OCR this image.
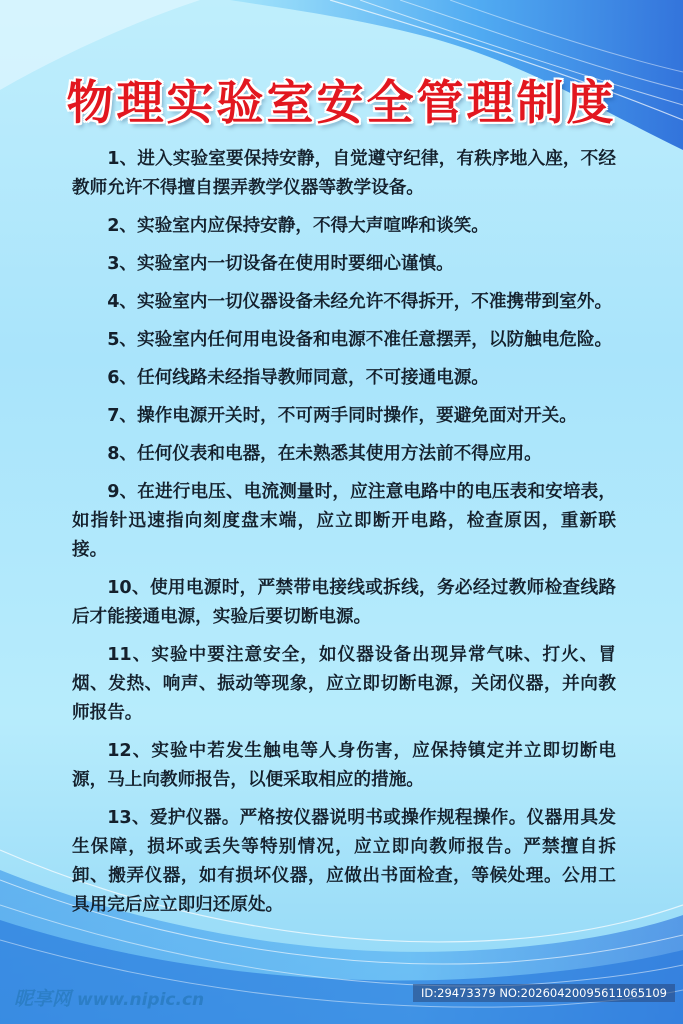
物理实验室安全管理制度

1、进入实验室要保持安静，自觉遵守纪律，有秩序地入座，不经教师允许不得擅自摆弄教学仪器等教学设备。

2、实验室内应保持安静，不得大声喧哗和谈笑。

3、实验室内一切设备在使用时要细心谨慎。

4、实验室内一切仪器设备未经允许不得拆开，不准携带到室外。

5、实验室内任何用电设备和电源不准任意摆弄，以防触电危险。

6、任何线路未经指导教师同意，不可接通电源。

7、操作电源开关时，不可两手同时操作，要避免面对开关。

8、任何仪表和电器，在未熟悉其使用方法前不得应用。

9、在进行电压、电流测量时，应注意电路中的电压表和安培表，如指针迅速指向刻度盘末端，应立即断开电路，检查原因，重新联接。

10、使用电源时，严禁带电接线或拆线，务必经过教师检查线路后才能接通电源，实验后要切断电源。

11、实验中要注意安全，如仪器设备出现异常气味、打火、冒烟、发热、响声、振动等现象，应立即切断电源，关闭仪器，并向教师报告。

12、实验中若发生触电等人身伤害，应保持镇定并立即切断电源，马上向教师报告，以便采取相应的措施。

13、爱护仪器。严格按仪器说明书或操作规程操作。仪器用具发生保障，损坏或丢失等特别情况，应立即向教师报告。严禁擅自拆卸、搬弄仪器，如有损坏仪器，应做出书面检查，等候处理。公用工具用完后应立即归还原处。

昵享网 www.nipic.cn	ID:29473379 NO:20260420095611065109
